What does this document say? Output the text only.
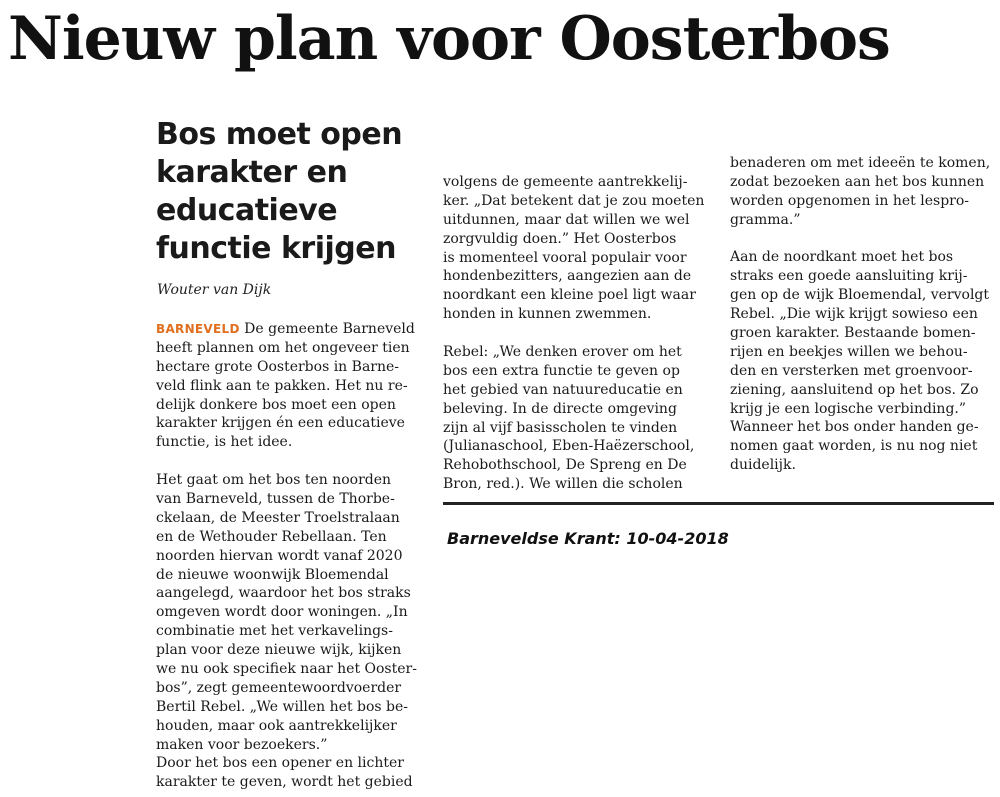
Nieuw plan voor Oosterbos
Bos moet open
karakter en
educatieve
functie krijgen
Wouter van Dijk
BARNEVELD De gemeente Barneveld
heeft plannen om het ongeveer tien
hectare grote Oosterbos in Barne-
veld flink aan te pakken. Het nu re-
delijk donkere bos moet een open
karakter krijgen én een educatieve
functie, is het idee.
Het gaat om het bos ten noorden
van Barneveld, tussen de Thorbe-
ckelaan, de Meester Troelstralaan
en de Wethouder Rebellaan. Ten
noorden hiervan wordt vanaf 2020
de nieuwe woonwijk Bloemendal
aangelegd, waardoor het bos straks
omgeven wordt door woningen. „In
combinatie met het verkavelings-
plan voor deze nieuwe wijk, kijken
we nu ook specifiek naar het Ooster-
bos”, zegt gemeentewoordvoerder
Bertil Rebel. „We willen het bos be-
houden, maar ook aantrekkelijker
maken voor bezoekers.”
Door het bos een opener en lichter
karakter te geven, wordt het gebied
volgens de gemeente aantrekkelij-
ker. „Dat betekent dat je zou moeten
uitdunnen, maar dat willen we wel
zorgvuldig doen.” Het Oosterbos
is momenteel vooral populair voor
hondenbezitters, aangezien aan de
noordkant een kleine poel ligt waar
honden in kunnen zwemmen.
Rebel: „We denken erover om het
bos een extra functie te geven op
het gebied van natuureducatie en
beleving. In de directe omgeving
zijn al vijf basisscholen te vinden
(Julianaschool, Eben-Haëzerschool,
Rehobothschool, De Spreng en De
Bron, red.). We willen die scholen
benaderen om met ideeën te komen,
zodat bezoeken aan het bos kunnen
worden opgenomen in het lespro-
gramma.”
Aan de noordkant moet het bos
straks een goede aansluiting krij-
gen op de wijk Bloemendal, vervolgt
Rebel. „Die wijk krijgt sowieso een
groen karakter. Bestaande bomen-
rijen en beekjes willen we behou-
den en versterken met groenvoor-
ziening, aansluitend op het bos. Zo
krijg je een logische verbinding.”
Wanneer het bos onder handen ge-
nomen gaat worden, is nu nog niet
duidelijk.
Barneveldse Krant: 10-04-2018
